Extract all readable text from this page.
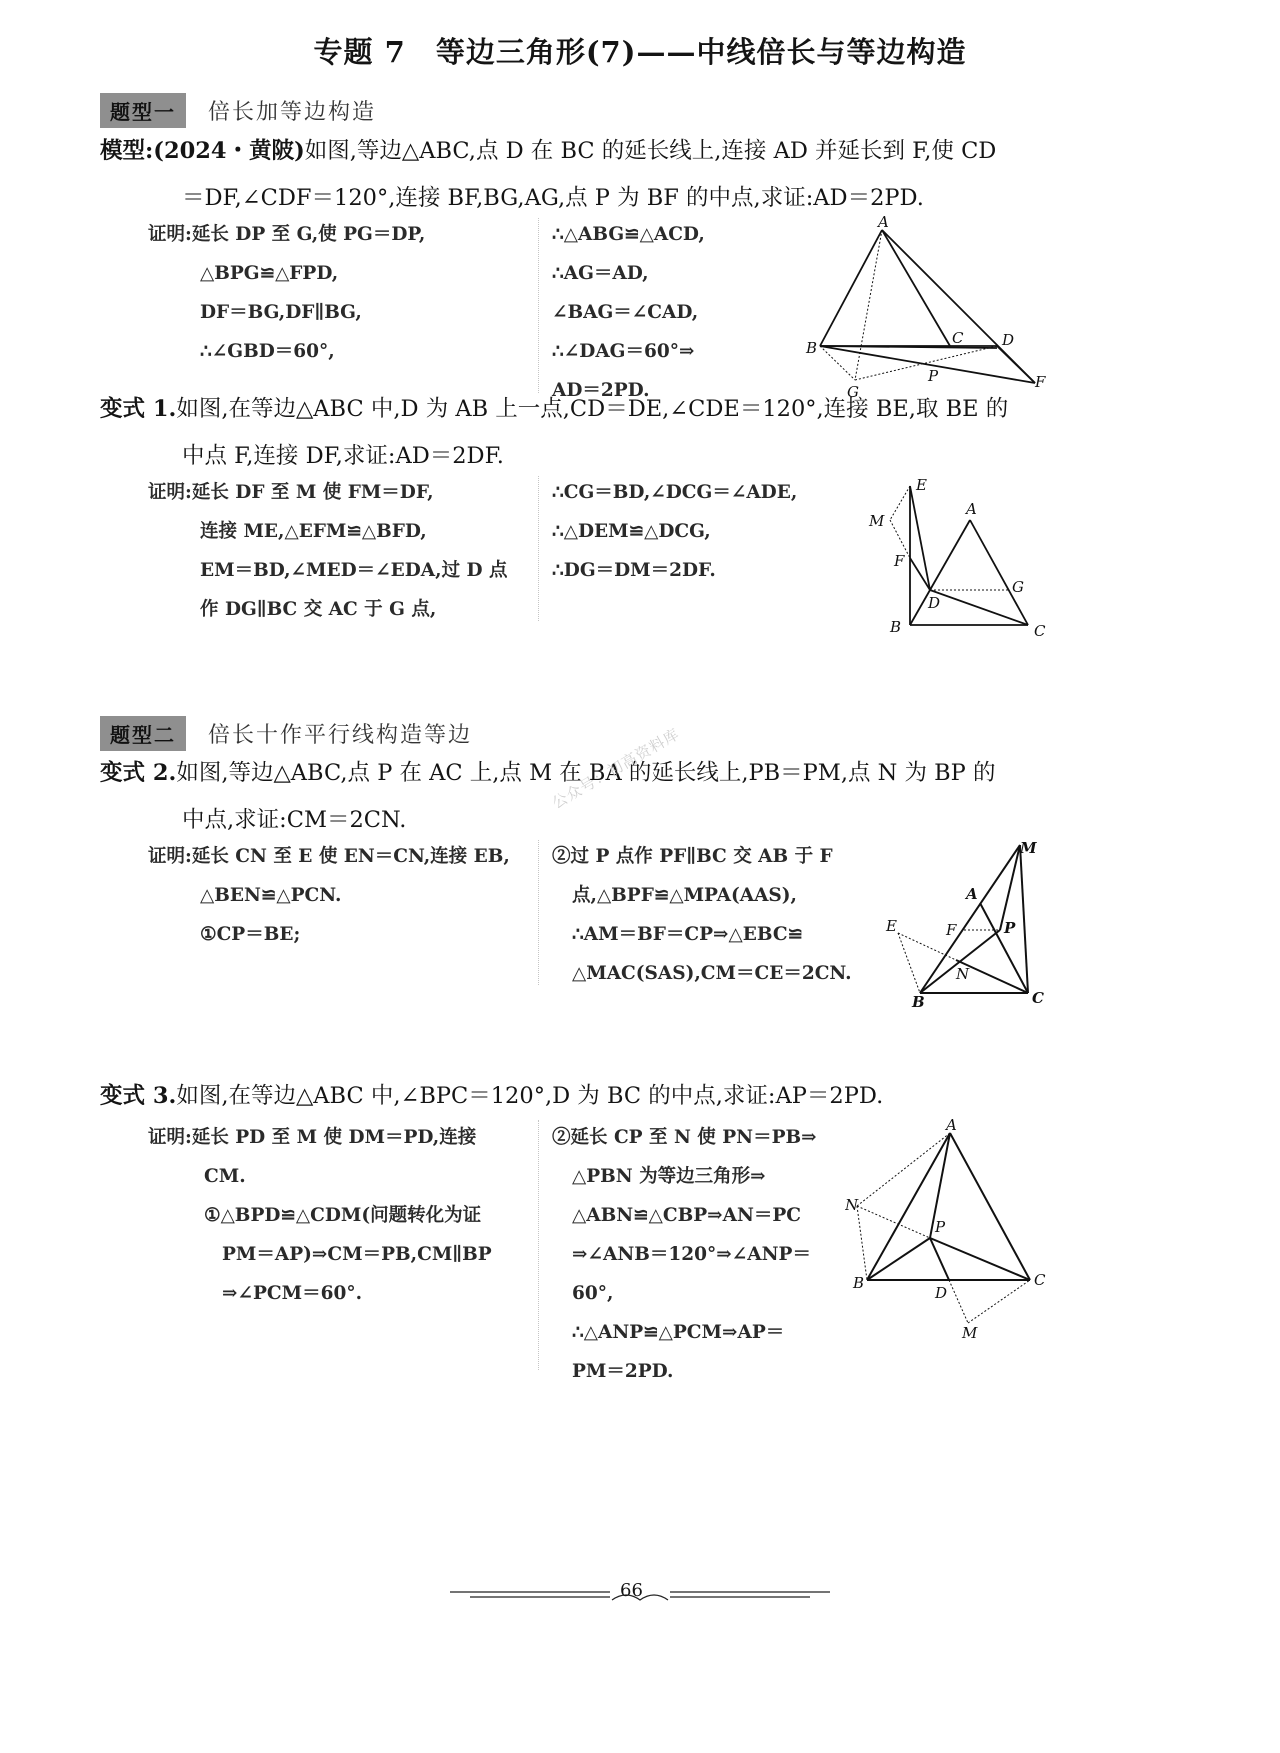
专题 7　等边三角形(7)——中线倍长与等边构造
题型一	倍长加等边构造
模型:(2024・黄陂)如图,等边△ABC,点 D 在 BC 的延长线上,连接 AD 并延长到 F,使 CD
＝DF,∠CDF＝120°,连接 BF,BG,AG,点 P 为 BF 的中点,求证:AD＝2PD.
证明:延长 DP 至 G,使 PG＝DP,
△BPG≌△FPD,
DF＝BG,DF∥BG,
∴∠GBD＝60°,
∴△ABG≌△ACD,
∴AG＝AD,
∠BAG＝∠CAD,
∴∠DAG＝60°⇒
AD＝2PD.
A
B
C	D
F
G
P
变式 1.如图,在等边△ABC 中,D 为 AB 上一点,CD＝DE,∠CDE＝120°,连接 BE,取 BE 的
中点 F,连接 DF,求证:AD＝2DF.
证明:延长 DF 至 M 使 FM＝DF,
连接 ME,△EFM≌△BFD,
EM＝BD,∠MED＝∠EDA,过 D 点
作 DG∥BC 交 AC 于 G 点,
∴CG＝BD,∠DCG＝∠ADE,
∴△DEM≌△DCG,
∴DG＝DM＝2DF.
E
A
M
F
D
G
B	C
题型二	倍长十作平行线构造等边
变式 2.如图,等边△ABC,点 P 在 AC 上,点 M 在 BA 的延长线上,PB＝PM,点 N 为 BP 的
中点,求证:CM＝2CN.
证明:延长 CN 至 E 使 EN＝CN,连接 EB,
△BEN≌△PCN.
①CP＝BE;
②过 P 点作 PF∥BC 交 AB 于 F
点,△BPF≌△MPA(AAS),
∴AM＝BF＝CP⇒△EBC≌
△MAC(SAS),CM＝CE＝2CN.
M
A
E	F	P
N
B	C
公众号：初高资料库
变式 3.如图,在等边△ABC 中,∠BPC＝120°,D 为 BC 的中点,求证:AP＝2PD.
证明:延长 PD 至 M 使 DM＝PD,连接
CM.
①△BPD≌△CDM(问题转化为证
PM＝AP)⇒CM＝PB,CM∥BP
⇒∠PCM＝60°.
②延长 CP 至 N 使 PN＝PB⇒
△PBN 为等边三角形⇒
△ABN≌△CBP⇒AN＝PC
⇒∠ANB＝120°⇒∠ANP＝
60°,
∴△ANP≌△PCM⇒AP＝
PM＝2PD.
A
N
P
B
D
C
M
66
